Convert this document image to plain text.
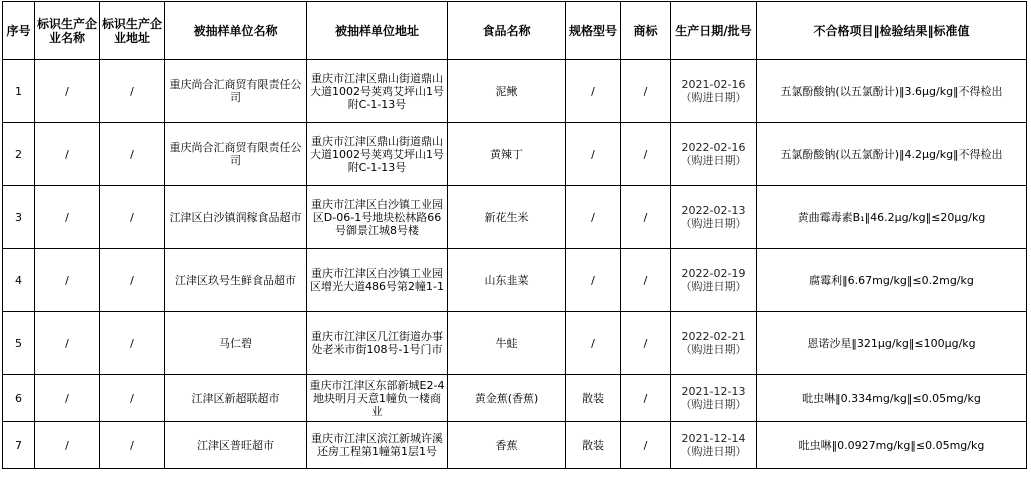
序号	标识生产企业名称	标识生产企业地址	被抽样单位名称	被抽样单位地址	食品名称	规格型号	商标	生产日期/批号	不合格项目‖检验结果‖标准值
1	/	/	重庆尚合汇商贸有限责任公司	重庆市江津区鼎山街道鼎山大道1002号荚鸡艾坪山1号附C-1-13号	泥鳅	/	/	2021-02-16（购进日期）	五氯酚酸钠(以五氯酚计)‖3.6μg/kg‖不得检出
2	/	/	重庆尚合汇商贸有限责任公司	重庆市江津区鼎山街道鼎山大道1002号荚鸡艾坪山1号附C-1-13号	黄辣丁	/	/	2022-02-16（购进日期）	五氯酚酸钠(以五氯酚计)‖4.2μg/kg‖不得检出
3	/	/	江津区白沙镇润稼食品超市	重庆市江津区白沙镇工业园区D-06-1号地块松林路66号御景江城8号楼	新花生米	/	/	2022-02-13（购进日期）	黄曲霉毒素B₁‖46.2μg/kg‖≤20μg/kg
4	/	/	江津区玖号生鲜食品超市	重庆市江津区白沙镇工业园区增光大道486号第2幢1-1	山东韭菜	/	/	2022-02-19（购进日期）	腐霉利‖6.67mg/kg‖≤0.2mg/kg
5	/	/	马仁碧	重庆市江津区几江街道办事处老米市街108号-1号门市	牛蛙	/	/	2022-02-21（购进日期）	恩诺沙星‖321μg/kg‖≤100μg/kg
6	/	/	江津区新超联超市	重庆市江津区东部新城E2-4地块明月天意1幢负一楼商业	黄金蕉(香蕉)	散装	/	2021-12-13（购进日期）	吡虫啉‖0.334mg/kg‖≤0.05mg/kg
7	/	/	江津区普旺超市	重庆市江津区滨江新城许溪还房工程第1幢第1层1号	香蕉	散装	/	2021-12-14（购进日期）	吡虫啉‖0.0927mg/kg‖≤0.05mg/kg
